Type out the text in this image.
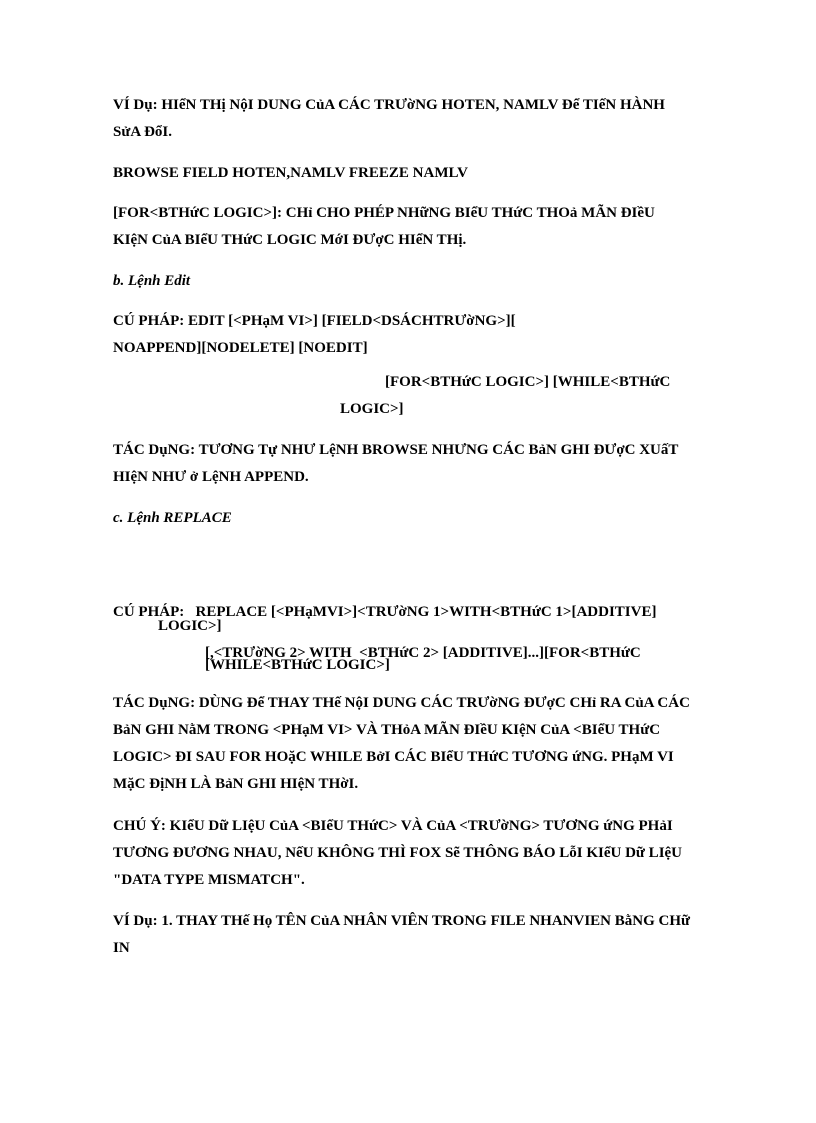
VÍ Dụ: HIểN THị NộI DUNG CủA CÁC TRƯờNG HOTEN, NAMLV Để TIếN HÀNH
SửA ĐổI.

BROWSE FIELD HOTEN,NAMLV FREEZE NAMLV

[FOR<BTHứC LOGIC>]: CHỉ CHO PHÉP NHữNG BIểU THứC THOả MÃN ĐIềU
KIệN CủA BIểU THứC LOGIC MớI ĐƯợC HIểN THị.

b. Lệnh Edit

CÚ PHÁP: EDIT [<PHạM VI>] [FIELD<DSÁCHTRƯờNG>][
NOAPPEND][NODELETE] [NOEDIT]

[FOR<BTHứC LOGIC>] [WHILE<BTHứC

LOGIC>]

TÁC DụNG: TƯƠNG Tự NHƯ LệNH BROWSE NHƯNG CÁC BảN GHI ĐƯợC XUấT
HIệN NHƯ ở LệNH APPEND.

c. Lệnh REPLACE

CÚ PHÁP:   REPLACE [<PHạMVI>]<TRƯờNG 1>WITH<BTHứC 1>[ADDITIVE]

[,<TRƯờNG 2> WITH  <BTHứC 2> [ADDITIVE]...][FOR<BTHứC

LOGIC>]

[WHILE<BTHứC LOGIC>]

TÁC DụNG: DÙNG Để THAY THế NộI DUNG CÁC TRƯờNG ĐƯợC CHỉ RA CủA CÁC
BảN GHI NằM TRONG <PHạM VI> VÀ THỏA MÃN ĐIềU KIệN CủA <BIểU THứC
LOGIC> ĐI SAU FOR HOặC WHILE BởI CÁC BIểU THứC TƯƠNG ứNG. PHạM VI
MặC ĐịNH LÀ BảN GHI HIệN THờI.

CHÚ Ý: KIểU Dữ LIệU CủA <BIểU THứC> VÀ CủA <TRƯờNG> TƯƠNG ứNG PHảI
TƯƠNG ĐƯƠNG NHAU, NếU KHÔNG THÌ FOX Sẽ THÔNG BÁO LỗI KIểU Dữ LIệU
"DATA TYPE MISMATCH".

VÍ Dụ: 1. THAY THế Họ TÊN CủA NHÂN VIÊN TRONG FILE NHANVIEN BằNG CHữ
IN
